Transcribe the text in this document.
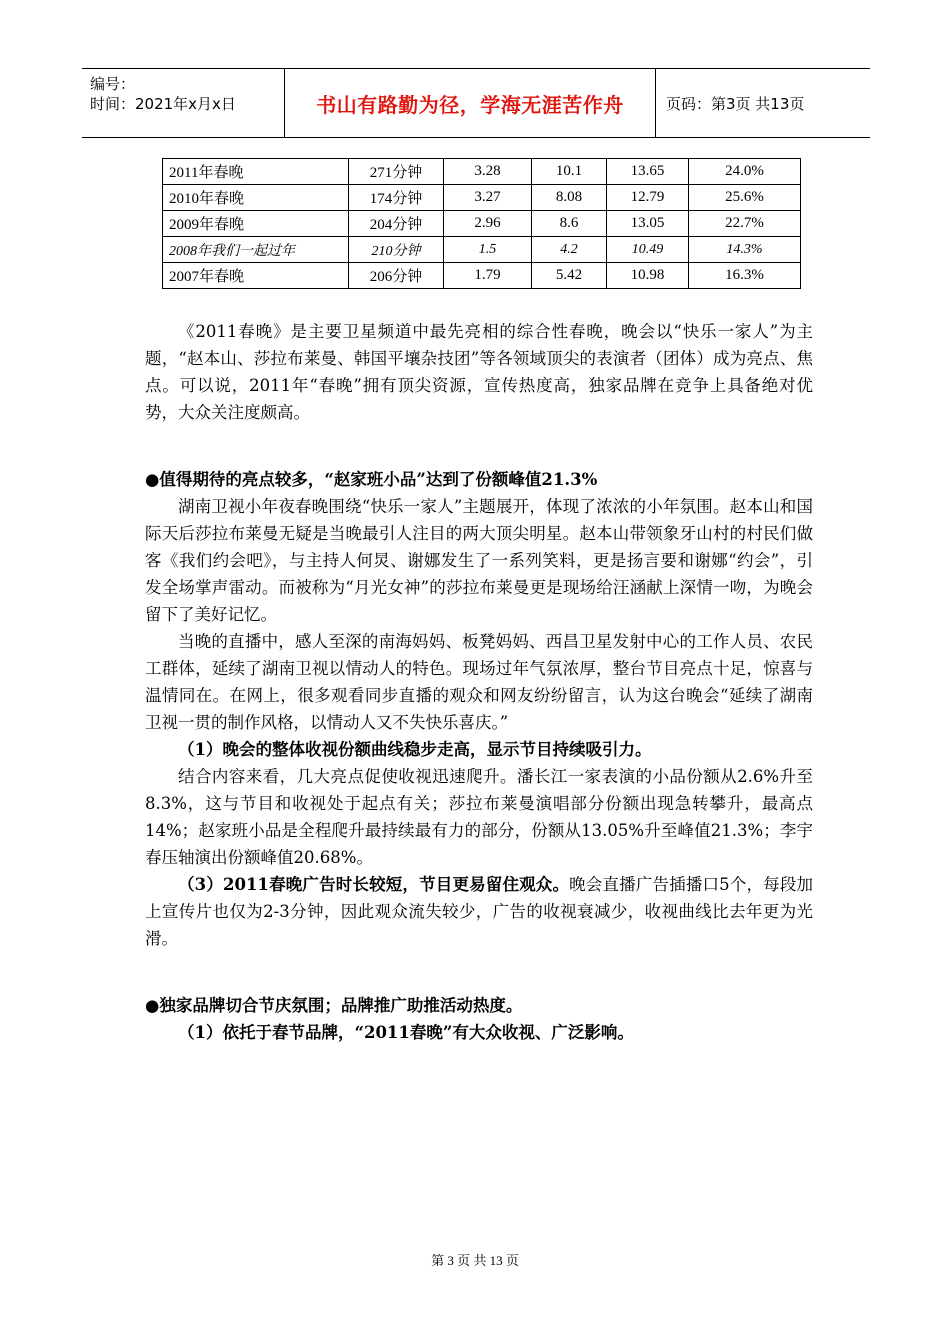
编号：
时间：2021年x月x日	书山有路勤为径，学海无涯苦作舟	页码：第3页 共13页
2011年春晚	271分钟	3.28	10.1	13.65	24.0%
2010年春晚	174分钟	3.27	8.08	12.79	25.6%
2009年春晚	204分钟	2.96	8.6	13.05	22.7%
2008年我们一起过年	210分钟	1.5	4.2	10.49	14.3%
2007年春晚	206分钟	1.79	5.42	10.98	16.3%

《2011春晚》是主要卫星频道中最先亮相的综合性春晚，晚会以“快乐一家人”为主题，“赵本山、莎拉布莱曼、韩国平壤杂技团”等各领域顶尖的表演者（团体）成为亮点、焦点。可以说，2011年“春晚”拥有顶尖资源，宣传热度高，独家品牌在竞争上具备绝对优势，大众关注度颇高。

●值得期待的亮点较多，“赵家班小品”达到了份额峰值21.3%

湖南卫视小年夜春晚围绕“快乐一家人”主题展开，体现了浓浓的小年氛围。赵本山和国际天后莎拉布莱曼无疑是当晚最引人注目的两大顶尖明星。赵本山带领象牙山村的村民们做客《我们约会吧》，与主持人何炅、谢娜发生了一系列笑料，更是扬言要和谢娜“约会”，引发全场掌声雷动。而被称为“月光女神”的莎拉布莱曼更是现场给汪涵献上深情一吻，为晚会留下了美好记忆。

当晚的直播中，感人至深的南海妈妈、板凳妈妈、西昌卫星发射中心的工作人员、农民工群体，延续了湖南卫视以情动人的特色。现场过年气氛浓厚，整台节目亮点十足，惊喜与温情同在。在网上，很多观看同步直播的观众和网友纷纷留言，认为这台晚会“延续了湖南卫视一贯的制作风格，以情动人又不失快乐喜庆。”

（1）晚会的整体收视份额曲线稳步走高，显示节目持续吸引力。

结合内容来看，几大亮点促使收视迅速爬升。潘长江一家表演的小品份额从2.6%升至8.3%，这与节目和收视处于起点有关；莎拉布莱曼演唱部分份额出现急转攀升，最高点14%；赵家班小品是全程爬升最持续最有力的部分，份额从13.05%升至峰值21.3%；李宇春压轴演出份额峰值20.68%。

（3）2011春晚广告时长较短，节目更易留住观众。晚会直播广告插播口5个，每段加上宣传片也仅为2-3分钟，因此观众流失较少，广告的收视衰减少，收视曲线比去年更为光滑。

●独家品牌切合节庆氛围；品牌推广助推活动热度。

（1）依托于春节品牌，“2011春晚”有大众收视、广泛影响。

第 3 页 共 13 页
